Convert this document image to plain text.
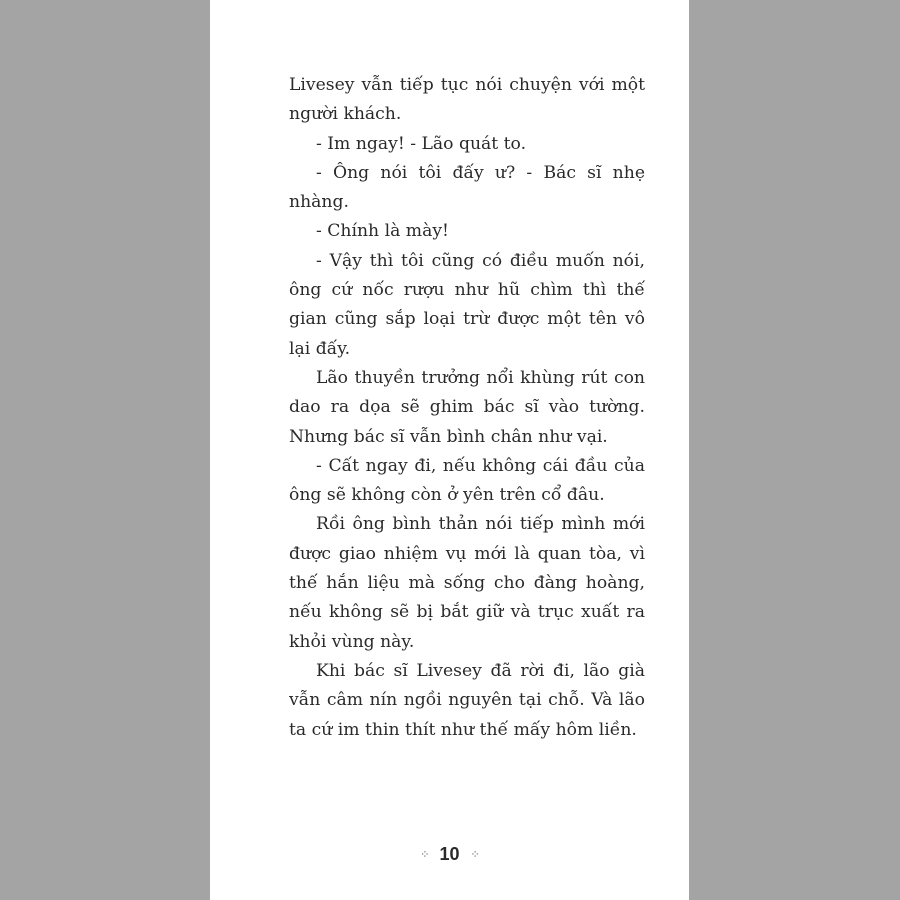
Livesey vẫn tiếp tục nói chuyện với một người khách.

- Im ngay! - Lão quát to.

- Ông nói tôi đấy ư? - Bác sĩ nhẹ nhàng.

- Chính là mày!

- Vậy thì tôi cũng có điều muốn nói, ông cứ nốc rượu như hũ chìm thì thế gian cũng sắp loại trừ được một tên vô lại đấy.

Lão thuyền trưởng nổi khùng rút con dao ra dọa sẽ ghim bác sĩ vào tường. Nhưng bác sĩ vẫn bình chân như vại.

- Cất ngay đi, nếu không cái đầu của ông sẽ không còn ở yên trên cổ đâu.

Rồi ông bình thản nói tiếp mình mới được giao nhiệm vụ mới là quan tòa, vì thế hắn liệu mà sống cho đàng hoàng, nếu không sẽ bị bắt giữ và trục xuất ra khỏi vùng này.

Khi bác sĩ Livesey đã rời đi, lão già vẫn câm nín ngồi nguyên tại chỗ. Và lão ta cứ im thin thít như thế mấy hôm liền.

⁘ 10 ⁘
